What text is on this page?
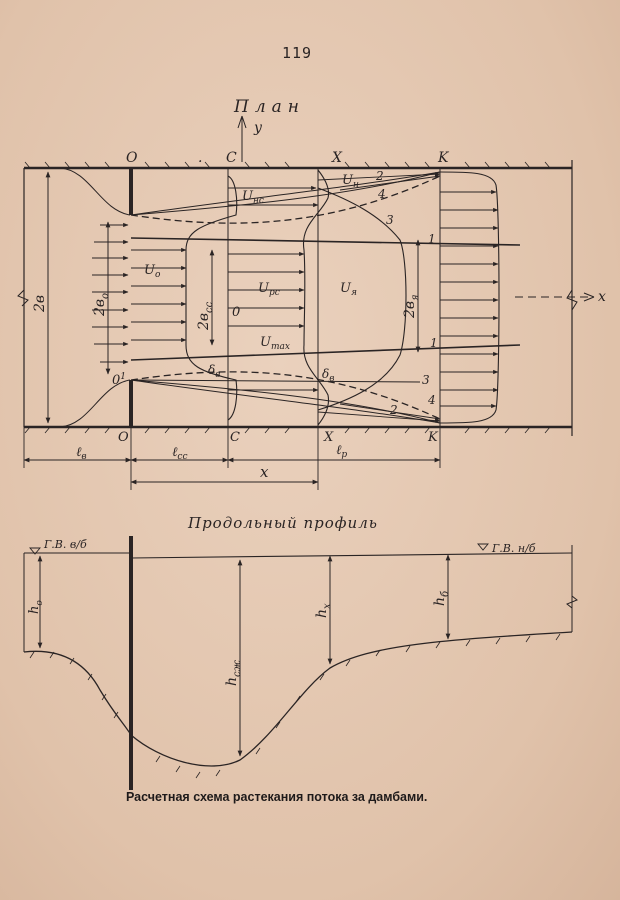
119
План
y
x
2в	$2в_о$
$2в_{сс}$	$2в_я$
O	. C	X	K
O	C	X	K
$U_{нс}$
$U_н$
$U_о$
$U_{рс}$	$U_я$
$U_{max}$
0
$0^1$	$\delta_в$	$\delta_в$
1
2
3
4
1
2
3
4
ℓ$_в$	ℓ$_{сс}$	ℓ$_р$
x
Продольный профиль
Г.В. в/б	Г.В. н/б
$h_o$
$h_{сж}$
$h_x$
$h_б$
Расчетная схема растекания потока за дамбами.
